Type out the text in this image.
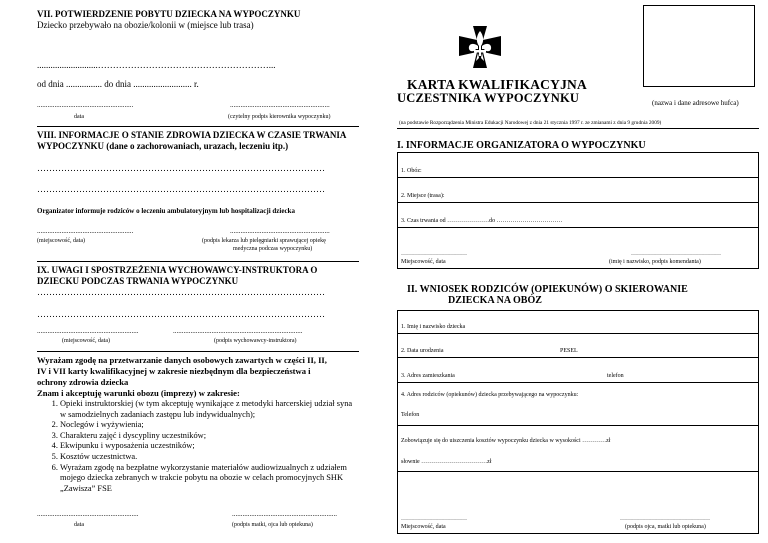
VII. POTWIERDZENIE POBYTU DZIECKA NA WYPOCZYNKU
Dziecko przebywało na obozie/kolonii w (miejsce lub trasa)
...........................…………………………………………………...
od dnia ................ do dnia .......................... r.
.......................................................	.........................................................
data	(czytelny podpis kierownika wypoczynku)
VIII. INFORMACJE O STANIE ZDROWIA DZIECKA W CZASIE TRWANIA
WYPOCZYNKU (dane o zachorowaniach, urazach, leczeniu itp.)
……………………………………………………………………………………
……………………………………………………………………………………
Organizator informuje rodziców o leczeniu ambulatoryjnym lub hospitalizacji dziecka
.......................................................	.........................................................
(miejscowość, data)	(podpis lekarza lub pielęgniarki sprawującej opiekę
medyczna podczas wypoczynku)
IX. UWAGI I SPOSTRZEŻENIA WYCHOWAWCY-INSTRUKTORA O
DZIECKU PODCZAS TRWANIA WYPOCZYNKU
……………………………………………………………………………………
……………………………………………………………………………………
..........................................................	..........................................................................
(miejscowość, data)	(podpis wychowawcy-instruktora)
Wyrażam zgodę na przetwarzanie danych osobowych zawartych w części II, II,
IV i VII karty kwalifikacyjnej w zakresie niezbędnym dla bezpieczeństwa i
ochrony zdrowia dziecka
Znam i akceptuję warunki obozu (imprezy) w zakresie:
1. Opieki instruktorskiej (w tym akceptuję wynikające z metodyki harcerskiej udział syna w samodzielnych zadaniach zastępu lub indywidualnych);
2. Noclegów i wyżywienia;
3. Charakteru zajęć i dyscypliny uczestników;
4. Ekwipunku i wyposażenia uczestników;
5. Kosztów uczestnictwa.
6. Wyrażam zgodę na bezpłatne wykorzystanie materiałów audiowizualnych z udziałem mojego dziecka zebranych w trakcie pobytu na obozie w celach promocyjnych SHK „Zawisza” FSE
..........................................................	............................................................
data	(podpis matki, ojca lub opiekuna)
(nazwa i dane adresowe hufca)
KARTA KWALIFIKACYJNA
UCZESTNIKA WYPOCZYNKU
(na podstawie Rozporządzenia Ministra Edukacji Narodowej z dnia 21 stycznia 1997 r. ze zmianami z dnia 9 grudnia 2009)
I. INFORMACJE ORGANIZATORA O WYPOCZYNKU
1. Obóz:
2. Miejsce (trasa):
3. Czas trwania od …………………do ……………………………
……………………………
Miejscowość, data
………………………………………
(imię i nazwisko, podpis komendanta)
II. WNIOSEK RODZICÓW (OPIEKUNÓW) O SKIEROWANIE
DZIECKA NA OBÓZ
1. Imię i nazwisko dziecka
2. Data urodzenia	PESEL
3. Adres zamieszkania	telefon
4. Adres rodziców (opiekunów) dziecka przebywającego na wypoczynku:
Telefon
Zobowiązuje się do uiszczenia kosztów wypoczynku dziecka w wysokości …………zł
słownie ……………………………zł
……………………………
Miejscowość, data
………………………………………
(podpis ojca, matki lub opiekuna)
